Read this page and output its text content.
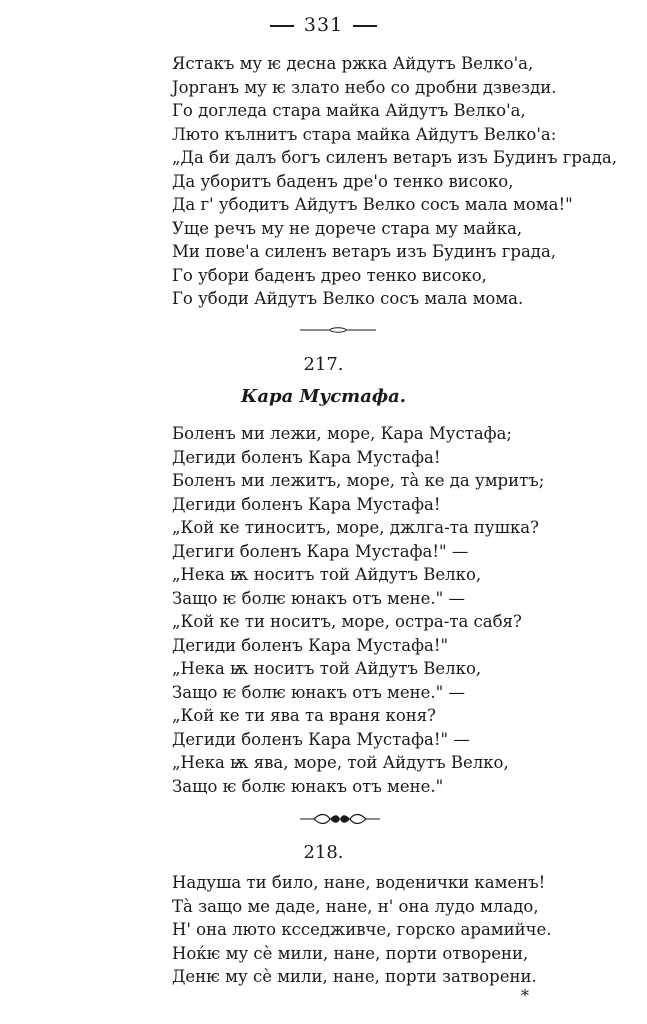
331
Ястакъ му ѥ десна ржка Айдутъ Велко'а,
Јорганъ му ѥ злато небо со дробни дзвезди.
Го догледа стара майка Айдутъ Велко'а,
Люто кълнитъ стара майка Айдутъ Велко'а:
„Да би далъ богъ силенъ ветаръ изъ Будинъ града,
Да уборитъ баденъ дре'о тенко високо,
Да г' убодитъ Айдутъ Велко сосъ мала мома!"
Уще речъ му не доречe стара му майка,
Ми пове'а силенъ ветаръ изъ Будинъ града,
Го убори баденъ дрео тенко високо,
Го убоди Айдутъ Велко сосъ мала мома.
217.
Кара Мустафа.
Боленъ ми лежи, море, Кара Мустафа;
Дегиди боленъ Кара Мустафа!
Боленъ ми лежитъ, море, тà ке да умритъ;
Дегиди боленъ Кара Мустафа!
„Кой ке тиноситъ, море, джлга-та пушка?
Дегиги боленъ Кара Мустафа!" —
„Нека ѭ носитъ той Айдутъ Велко,
Защо ѥ болѥ юнакъ отъ мене." —
„Кой ке ти носитъ, море, остра-та сабя?
Дегиди боленъ Кара Мустафа!"
„Нека ѭ носитъ той Айдутъ Велко,
Защо ѥ болѥ юнакъ отъ мене." —
„Кой ке ти ява та враня коня?
Дегиди боленъ Кара Мустафа!" —
„Нека ѭ ява, море, той Айдутъ Велко,
Защо ѥ болѥ юнакъ отъ мене."
218.
Надуша ти било, нане, воденички каменъ!
Тà защо ме даде, нане, н' она лудо младо,
Н' она люто ксседживче, горско арамийче.
Ноќѥ му сè мили, нане, порти отворени,
Денѥ му сè мили, нане, порти затворени.
*
